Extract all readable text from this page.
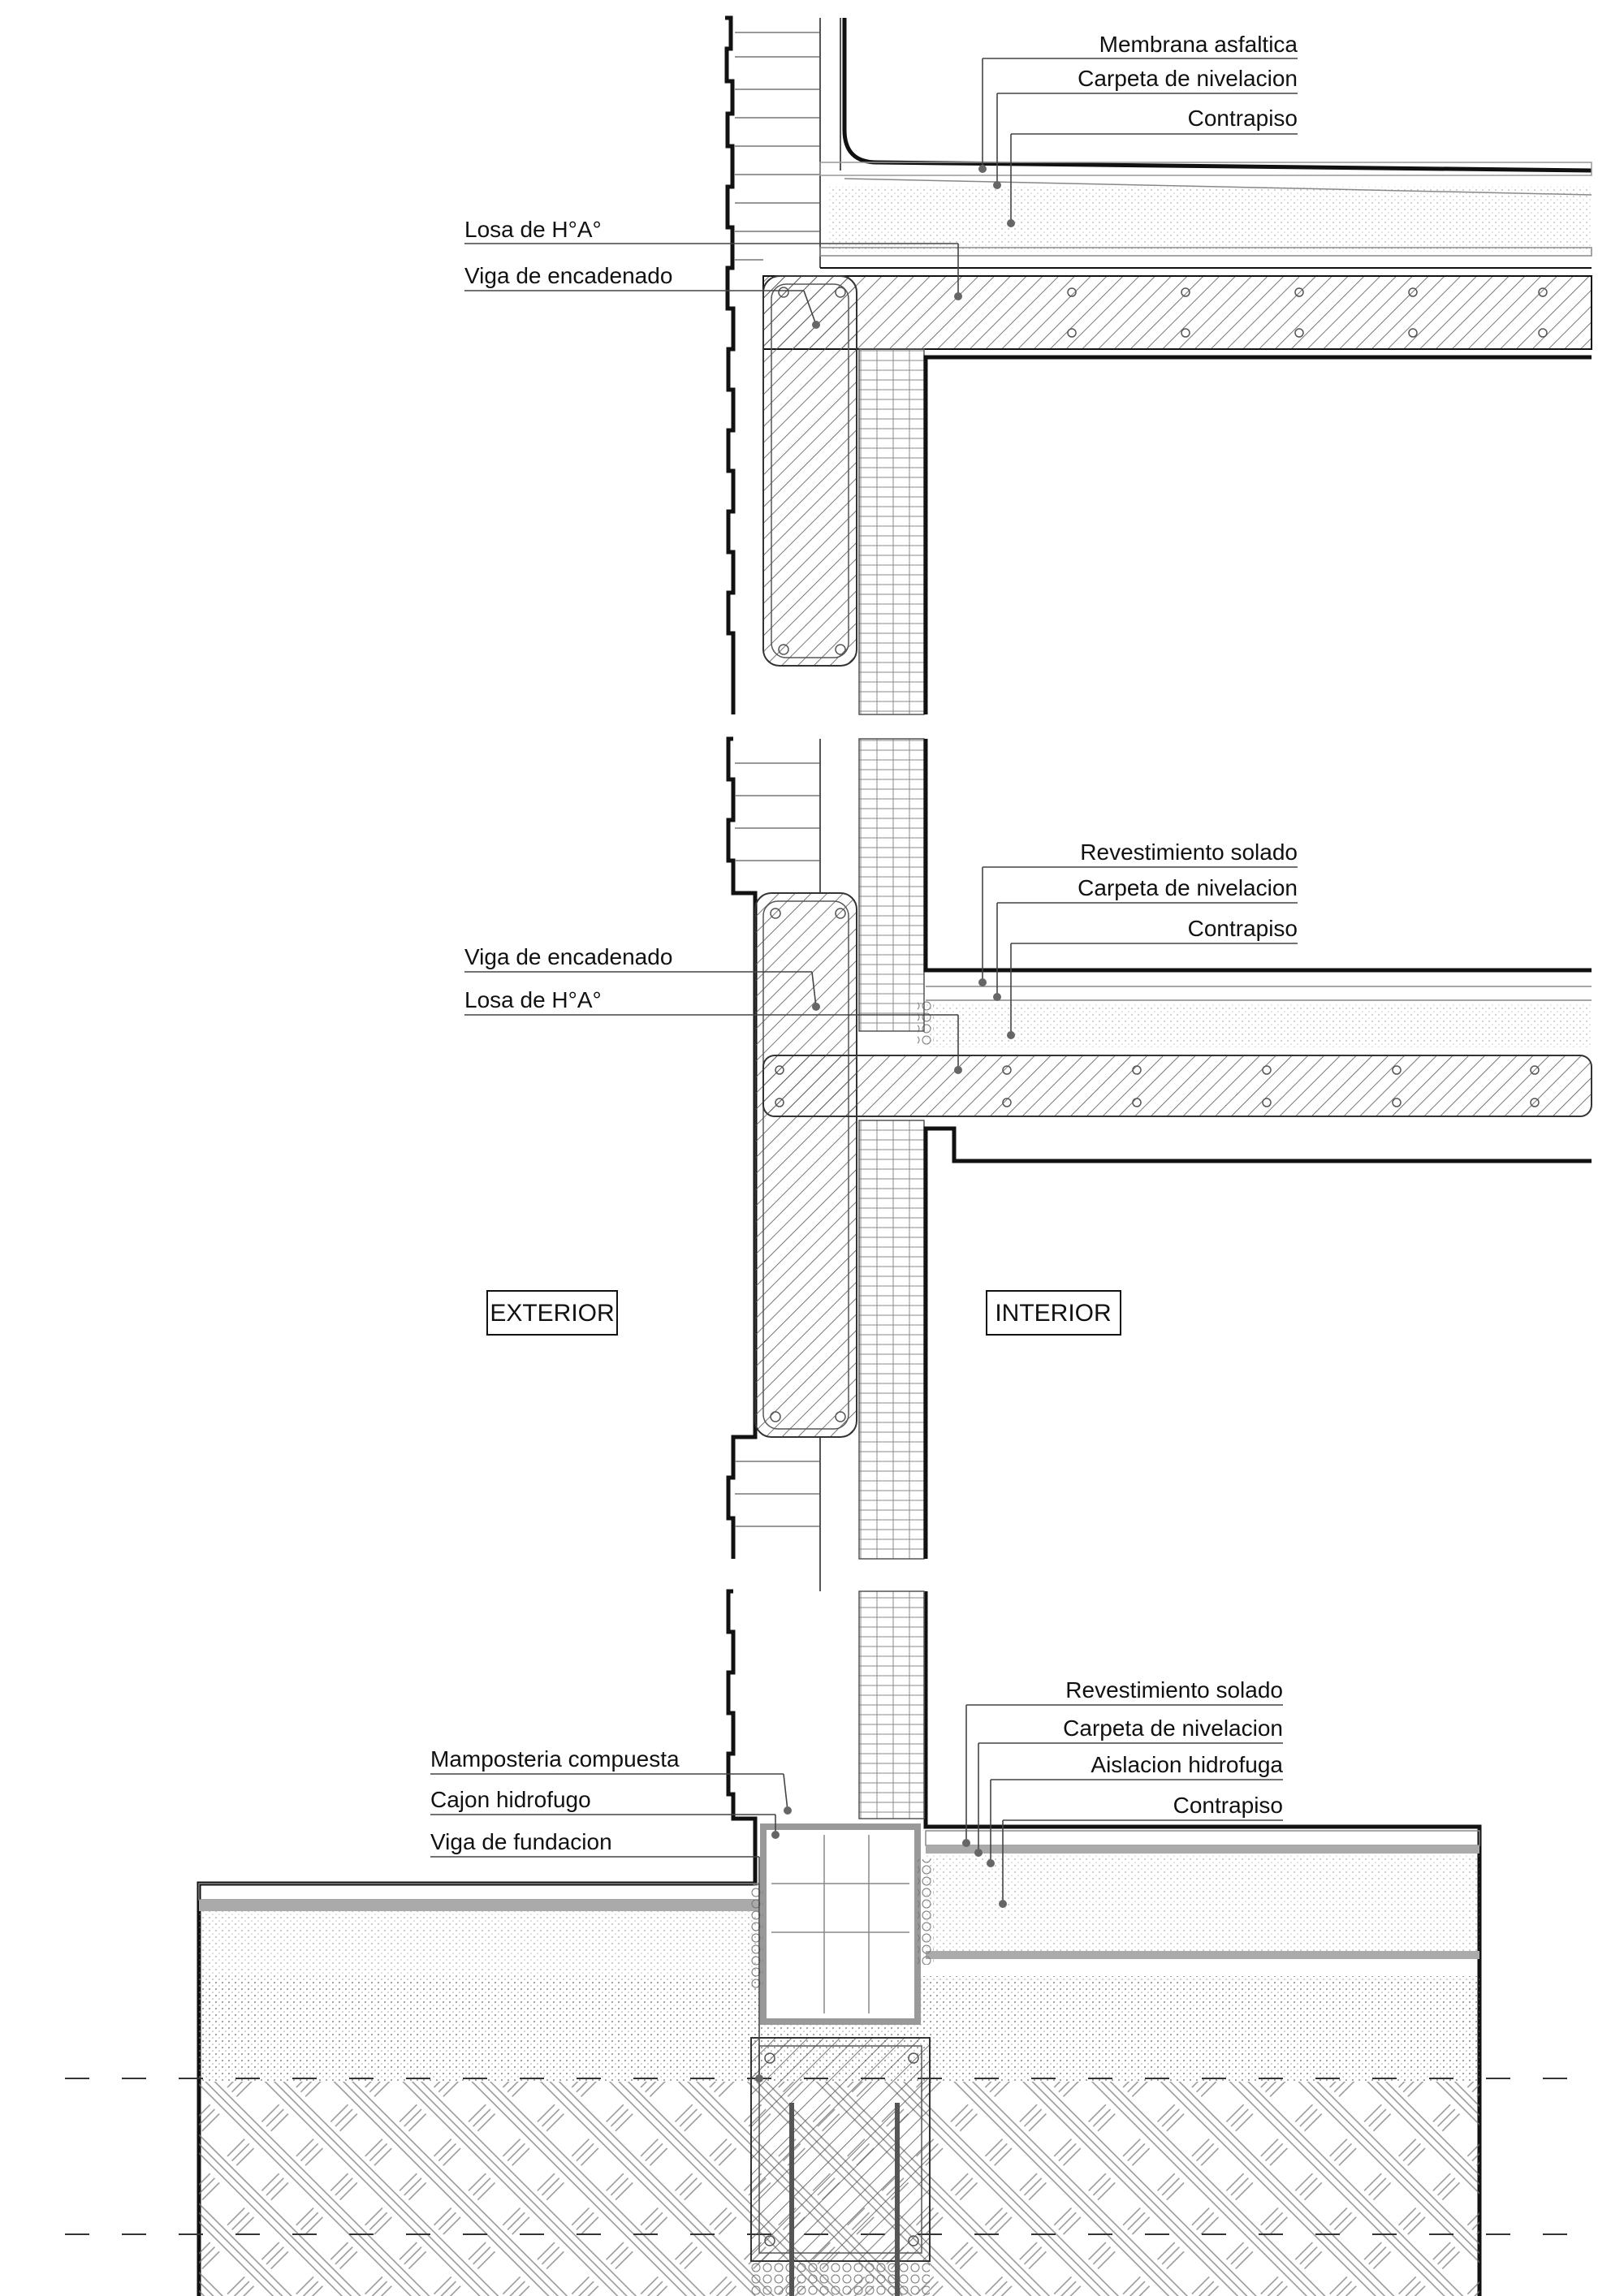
EXTERIOR	INTERIOR
Membrana asfaltica
Carpeta de nivelacion
Contrapiso
Losa de H°A°
Viga de encadenado
Revestimiento solado
Carpeta de nivelacion
Contrapiso
Viga de encadenado
Losa de H°A°
Revestimiento solado
Carpeta de nivelacion
Aislacion hidrofuga
Contrapiso
Mamposteria compuesta
Cajon hidrofugo
Viga de fundacion
